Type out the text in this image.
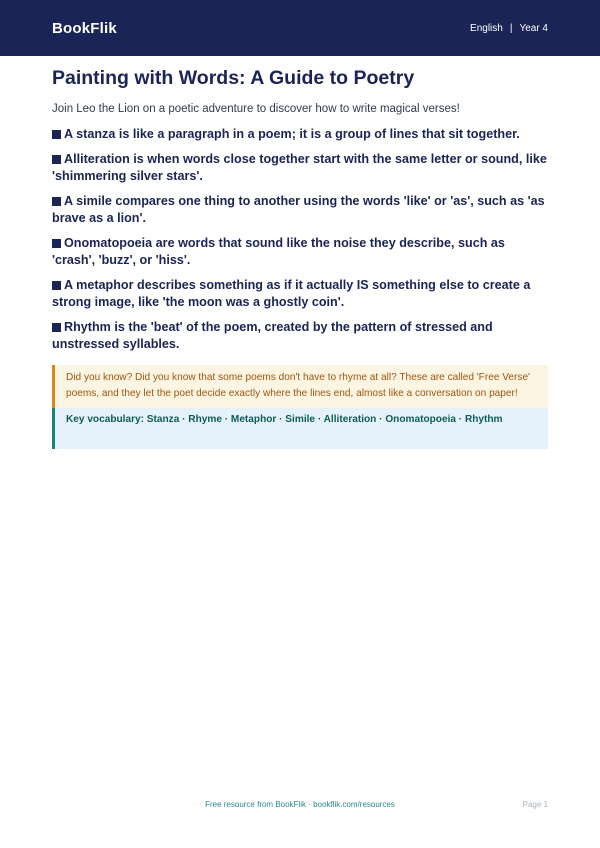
BookFlik	English | Year 4
Painting with Words: A Guide to Poetry

Join Leo the Lion on a poetic adventure to discover how to write magical verses!

A stanza is like a paragraph in a poem; it is a group of lines that sit together.
Alliteration is when words close together start with the same letter or sound, like 'shimmering silver stars'.
A simile compares one thing to another using the words 'like' or 'as', such as 'as brave as a lion'.
Onomatopoeia are words that sound like the noise they describe, such as 'crash', 'buzz', or 'hiss'.
A metaphor describes something as if it actually IS something else to create a strong image, like 'the moon was a ghostly coin'.
Rhythm is the 'beat' of the poem, created by the pattern of stressed and unstressed syllables.
Did you know? Did you know that some poems don't have to rhyme at all? These are called 'Free Verse' poems, and they let the poet decide exactly where the lines end, almost like a conversation on paper!
Key vocabulary: Stanza · Rhyme · Metaphor · Simile · Alliteration · Onomatopoeia · Rhythm
Free resource from BookFlik · bookflik.com/resources	Page 1
